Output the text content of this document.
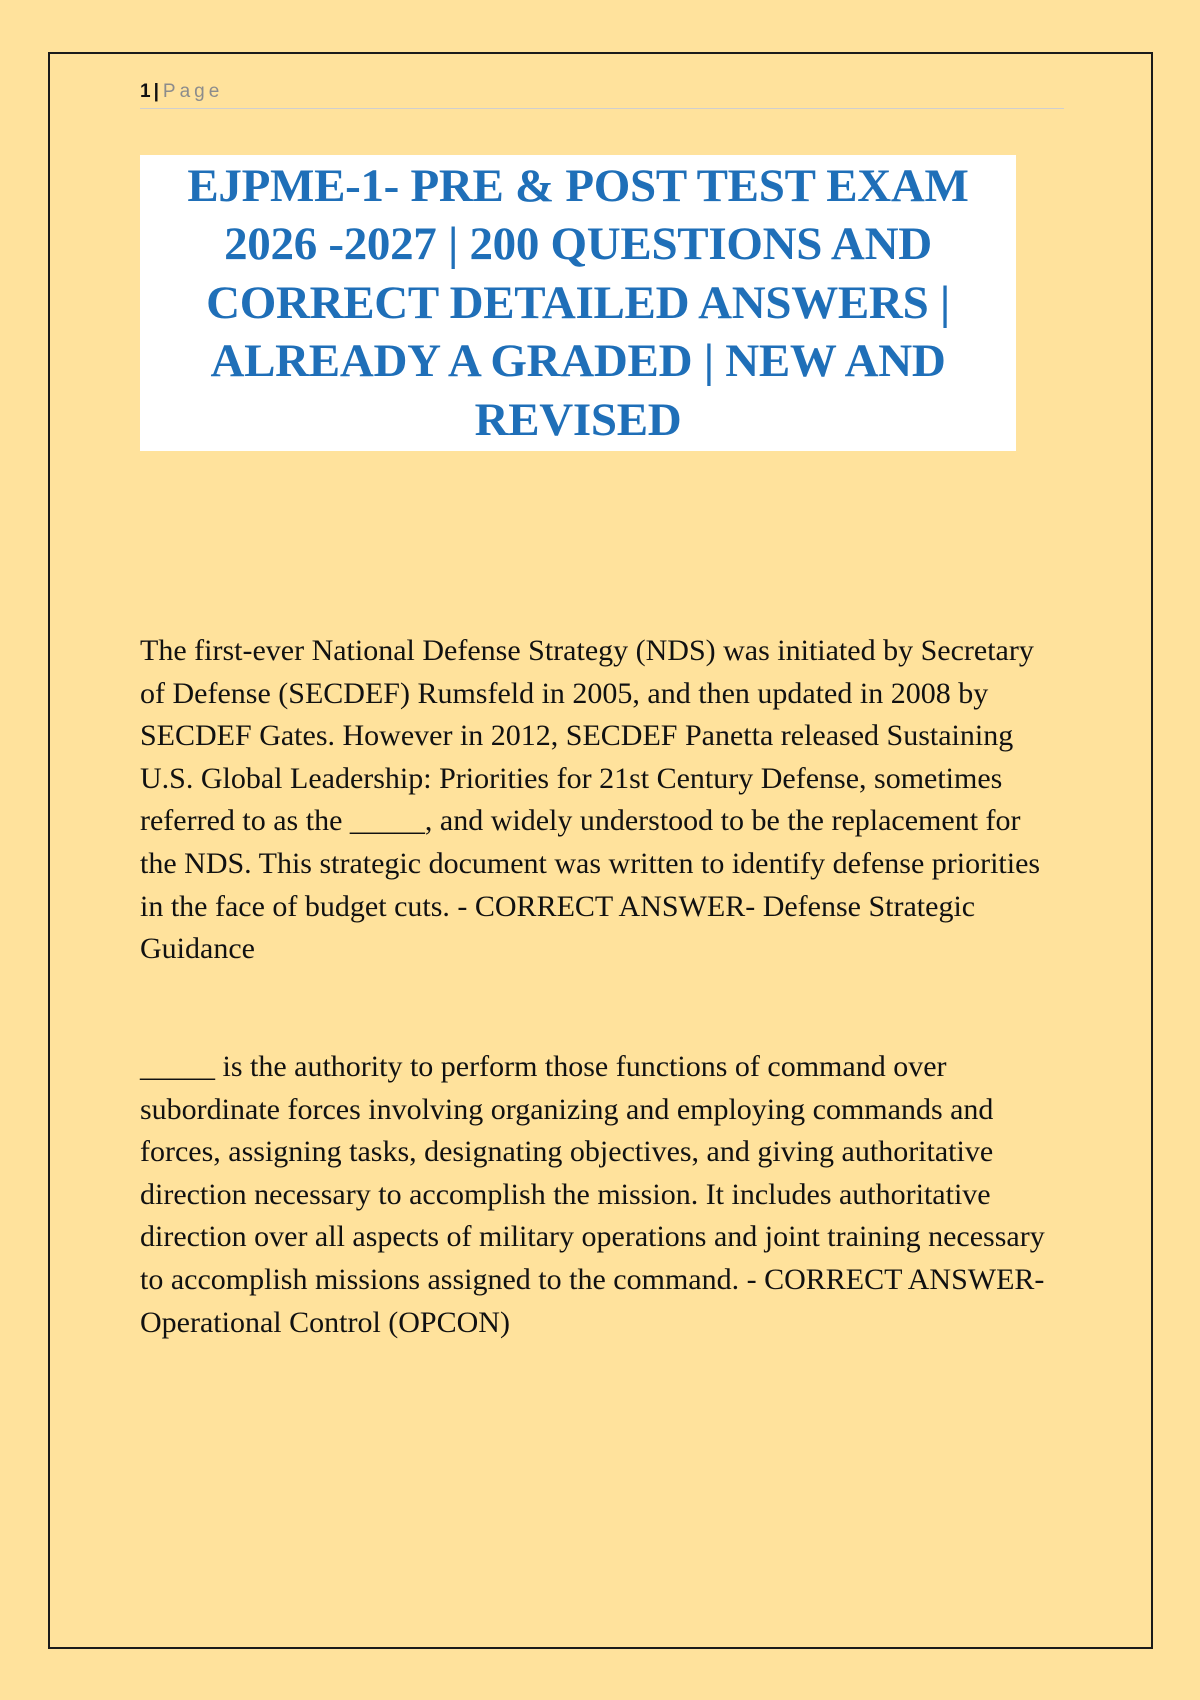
1 | Page
EJPME-1- PRE & POST TEST EXAM 2026 -2027 | 200 QUESTIONS AND CORRECT DETAILED ANSWERS | ALREADY A GRADED | NEW AND REVISED

The first-ever National Defense Strategy (NDS) was initiated by Secretary of Defense (SECDEF) Rumsfeld in 2005, and then updated in 2008 by SECDEF Gates. However in 2012, SECDEF Panetta released Sustaining U.S. Global Leadership: Priorities for 21st Century Defense, sometimes referred to as the _____, and widely understood to be the replacement for the NDS. This strategic document was written to identify defense priorities in the face of budget cuts. - CORRECT ANSWER- Defense Strategic Guidance

_____ is the authority to perform those functions of command over subordinate forces involving organizing and employing commands and forces, assigning tasks, designating objectives, and giving authoritative direction necessary to accomplish the mission. It includes authoritative direction over all aspects of military operations and joint training necessary to accomplish missions assigned to the command. - CORRECT ANSWER- Operational Control (OPCON)
